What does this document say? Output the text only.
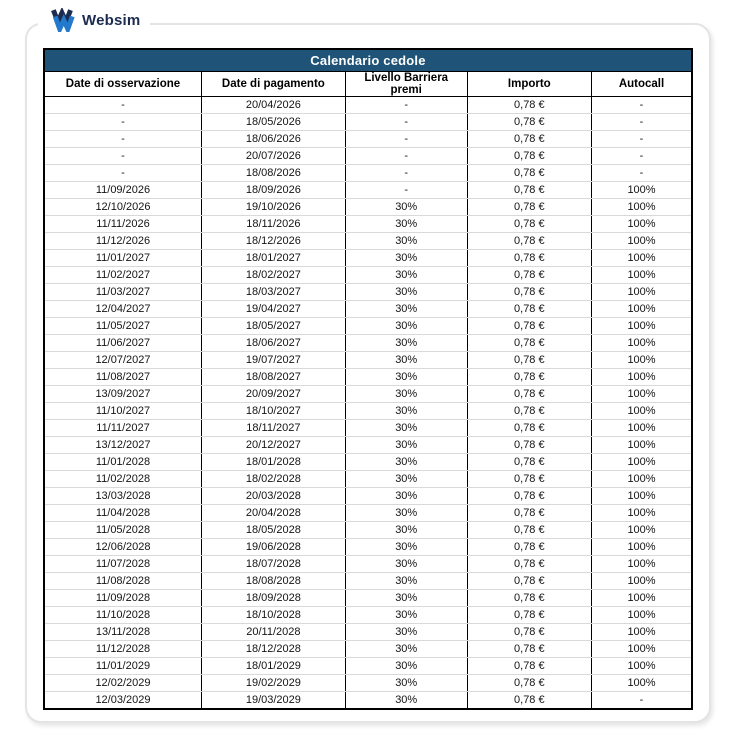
Websim
Calendario cedole				
Date di osservazione	Date di pagamento	Livello Barriera premi	Importo	Autocall
-	20/04/2026	-	0,78 €	-
-	18/05/2026	-	0,78 €	-
-	18/06/2026	-	0,78 €	-
-	20/07/2026	-	0,78 €	-
-	18/08/2026	-	0,78 €	-
11/09/2026	18/09/2026	-	0,78 €	100%
12/10/2026	19/10/2026	30%	0,78 €	100%
11/11/2026	18/11/2026	30%	0,78 €	100%
11/12/2026	18/12/2026	30%	0,78 €	100%
11/01/2027	18/01/2027	30%	0,78 €	100%
11/02/2027	18/02/2027	30%	0,78 €	100%
11/03/2027	18/03/2027	30%	0,78 €	100%
12/04/2027	19/04/2027	30%	0,78 €	100%
11/05/2027	18/05/2027	30%	0,78 €	100%
11/06/2027	18/06/2027	30%	0,78 €	100%
12/07/2027	19/07/2027	30%	0,78 €	100%
11/08/2027	18/08/2027	30%	0,78 €	100%
13/09/2027	20/09/2027	30%	0,78 €	100%
11/10/2027	18/10/2027	30%	0,78 €	100%
11/11/2027	18/11/2027	30%	0,78 €	100%
13/12/2027	20/12/2027	30%	0,78 €	100%
11/01/2028	18/01/2028	30%	0,78 €	100%
11/02/2028	18/02/2028	30%	0,78 €	100%
13/03/2028	20/03/2028	30%	0,78 €	100%
11/04/2028	20/04/2028	30%	0,78 €	100%
11/05/2028	18/05/2028	30%	0,78 €	100%
12/06/2028	19/06/2028	30%	0,78 €	100%
11/07/2028	18/07/2028	30%	0,78 €	100%
11/08/2028	18/08/2028	30%	0,78 €	100%
11/09/2028	18/09/2028	30%	0,78 €	100%
11/10/2028	18/10/2028	30%	0,78 €	100%
13/11/2028	20/11/2028	30%	0,78 €	100%
11/12/2028	18/12/2028	30%	0,78 €	100%
11/01/2029	18/01/2029	30%	0,78 €	100%
12/02/2029	19/02/2029	30%	0,78 €	100%
12/03/2029	19/03/2029	30%	0,78 €	-
